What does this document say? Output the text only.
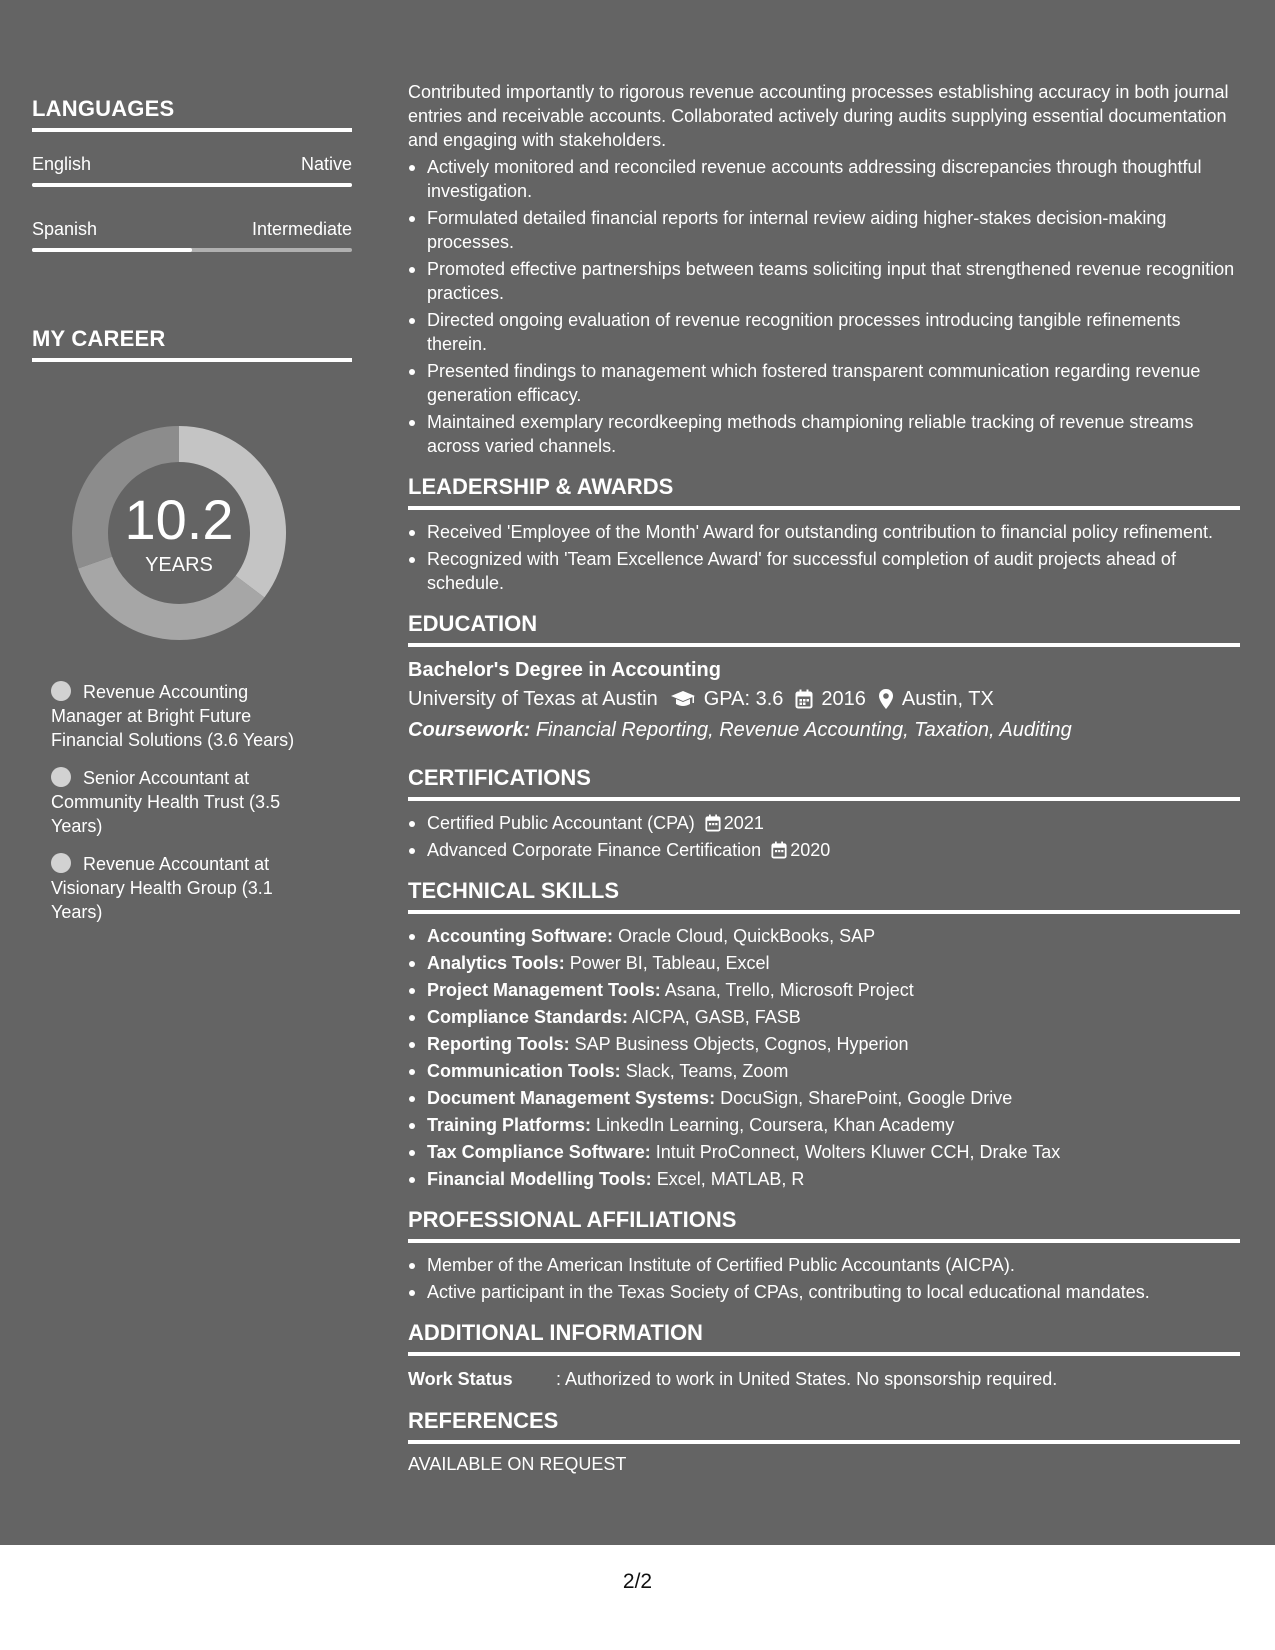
LANGUAGES
English	Native
Spanish	Intermediate
MY CAREER
10.2
YEARS
Revenue Accounting Manager at Bright Future Financial Solutions (3.6 Years)
Senior Accountant at Community Health Trust (3.5 Years)
Revenue Accountant at Visionary Health Group (3.1 Years)

Contributed importantly to rigorous revenue accounting processes establishing accuracy in both journal entries and receivable accounts. Collaborated actively during audits supplying essential documentation and engaging with stakeholders.

Actively monitored and reconciled revenue accounts addressing discrepancies through thoughtful investigation.
Formulated detailed financial reports for internal review aiding higher-stakes decision-making processes.
Promoted effective partnerships between teams soliciting input that strengthened revenue recognition practices.
Directed ongoing evaluation of revenue recognition processes introducing tangible refinements therein.
Presented findings to management which fostered transparent communication regarding revenue generation efficacy.
Maintained exemplary recordkeeping methods championing reliable tracking of revenue streams across varied channels.
LEADERSHIP & AWARDS
Received 'Employee of the Month' Award for outstanding contribution to financial policy refinement.
Recognized with 'Team Excellence Award' for successful completion of audit projects ahead of schedule.
EDUCATION
Bachelor's Degree in Accounting
University of Texas at Austin GPA: 3.6 2016 Austin, TX
Coursework: Financial Reporting, Revenue Accounting, Taxation, Auditing
CERTIFICATIONS
Certified Public Accountant (CPA) 2021
Advanced Corporate Finance Certification 2020
TECHNICAL SKILLS
Accounting Software: Oracle Cloud, QuickBooks, SAP
Analytics Tools: Power BI, Tableau, Excel
Project Management Tools: Asana, Trello, Microsoft Project
Compliance Standards: AICPA, GASB, FASB
Reporting Tools: SAP Business Objects, Cognos, Hyperion
Communication Tools: Slack, Teams, Zoom
Document Management Systems: DocuSign, SharePoint, Google Drive
Training Platforms: LinkedIn Learning, Coursera, Khan Academy
Tax Compliance Software: Intuit ProConnect, Wolters Kluwer CCH, Drake Tax
Financial Modelling Tools: Excel, MATLAB, R
PROFESSIONAL AFFILIATIONS
Member of the American Institute of Certified Public Accountants (AICPA).
Active participant in the Texas Society of CPAs, contributing to local educational mandates.
ADDITIONAL INFORMATION
Work Status	: Authorized to work in United States. No sponsorship required.
REFERENCES
AVAILABLE ON REQUEST
2/2
